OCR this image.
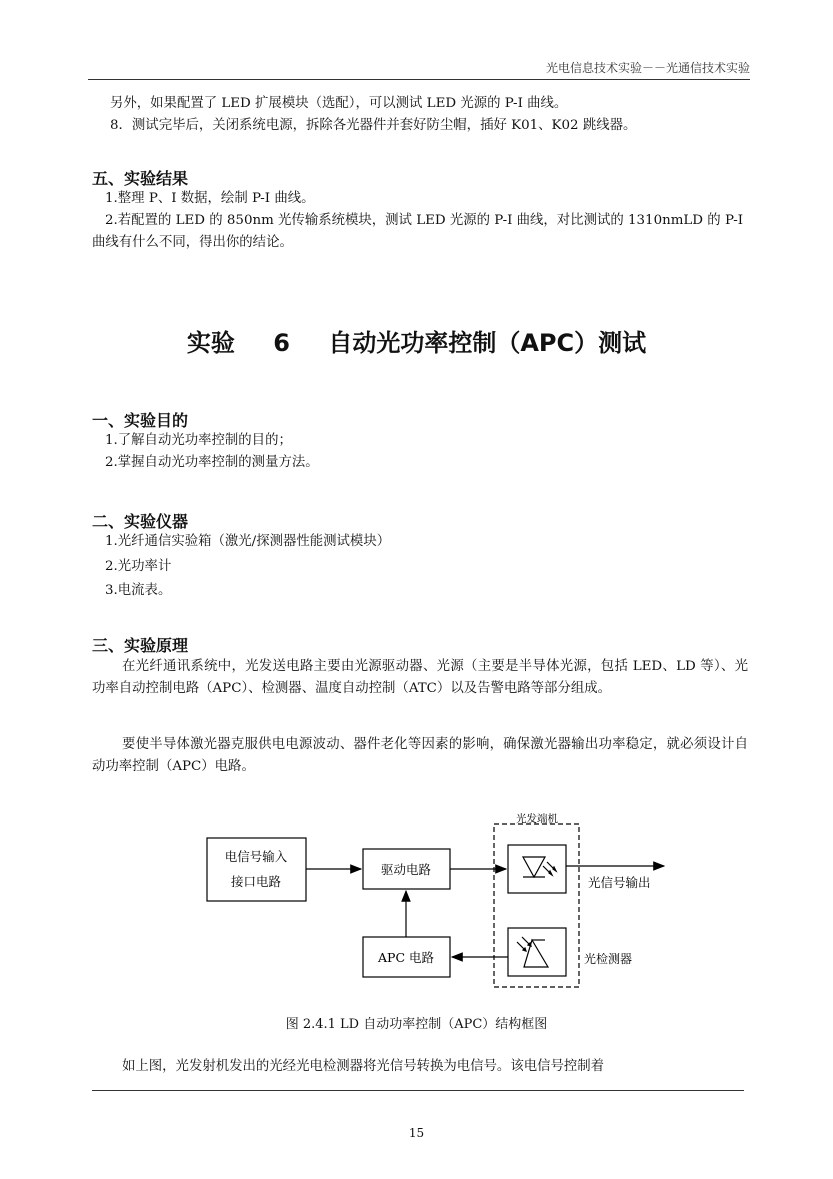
光电信息技术实验－－光通信技术实验

另外，如果配置了 LED 扩展模块（选配），可以测试 LED 光源的 P-I 曲线。

8．测试完毕后，关闭系统电源，拆除各光器件并套好防尘帽，插好 K01、K02 跳线器。

五、实验结果

1.整理 P、I 数据，绘制 P-I 曲线。

2.若配置的 LED 的 850nm 光传输系统模块，测试 LED 光源的 P-I 曲线，对比测试的 1310nmLD 的 P-I 曲线有什么不同，得出你的结论。

实验 6 自动光功率控制（APC）测试
一、实验目的

1.了解自动光功率控制的目的；

2.掌握自动光功率控制的测量方法。

二、实验仪器

1.光纤通信实验箱（激光/探测器性能测试模块）

2.光功率计

3.电流表。

三、实验原理

在光纤通讯系统中，光发送电路主要由光源驱动器、光源（主要是半导体光源，包括 LED、LD 等）、光功率自动控制电路（APC）、检测器、温度自动控制（ATC）以及告警电路等部分组成。

要使半导体激光器克服供电电源波动、器件老化等因素的影响，确保激光器输出功率稳定，就必须设计自动功率控制（APC）电路。

光发端机
电信号输入
接口电路
驱动电路
APC 电路
光信号输出
光检测器
图 2.4.1 LD 自动功率控制（APC）结构框图

如上图，光发射机发出的光经光电检测器将光信号转换为电信号。该电信号控制着

15
